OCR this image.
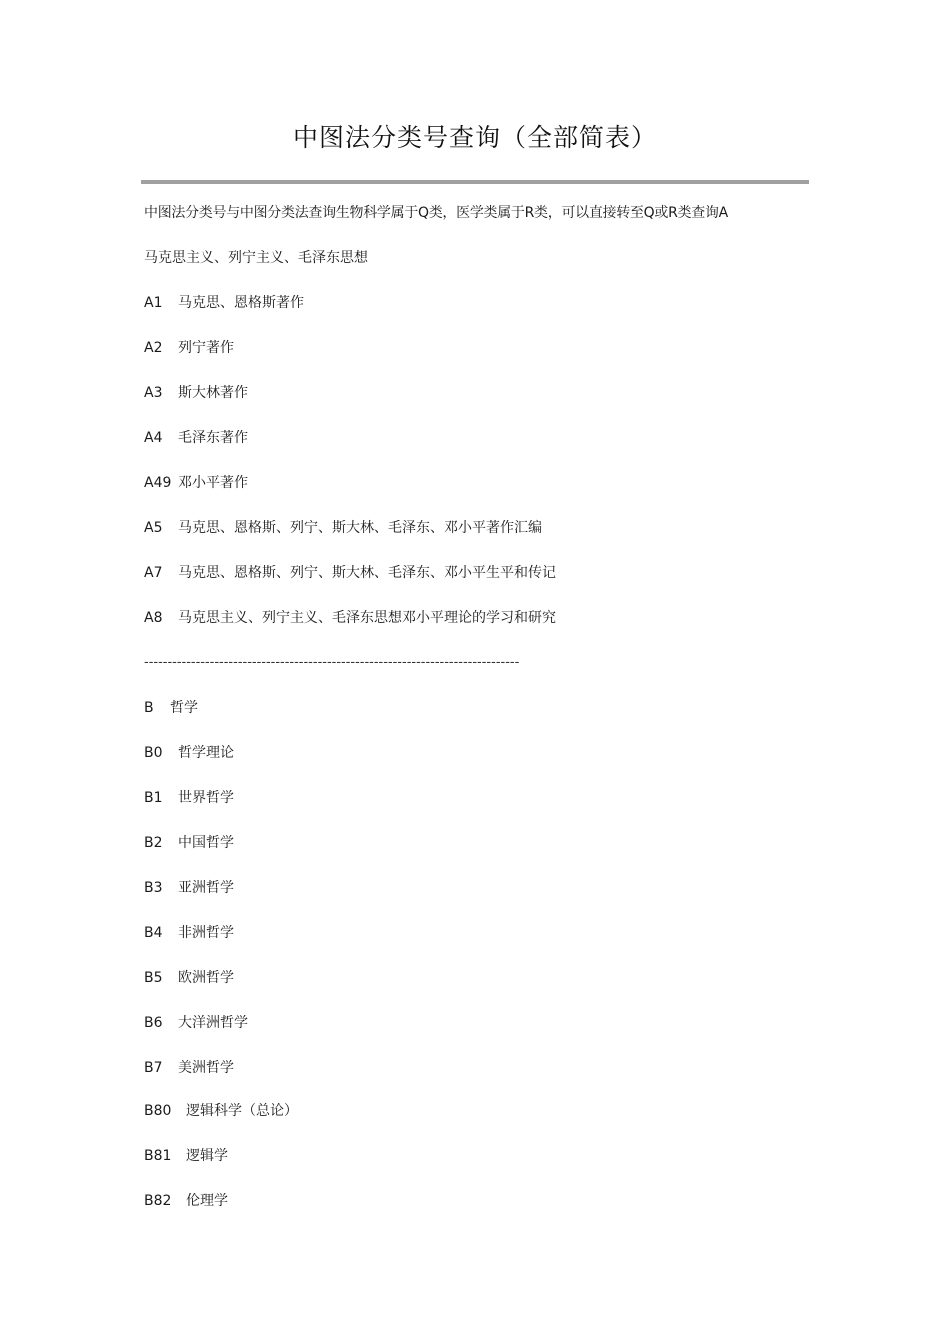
中图法分类号查询（全部简表）
中图法分类号与中图分类法查询生物科学属于Q类，医学类属于R类，可以直接转至Q或R类查询A
马克思主义、列宁主义、毛泽东思想
A1 马克思、恩格斯著作
A2 列宁著作
A3 斯大林著作
A4 毛泽东著作
A49 邓小平著作
A5 马克思、恩格斯、列宁、斯大林、毛泽东、邓小平著作汇编
A7 马克思、恩格斯、列宁、斯大林、毛泽东、邓小平生平和传记
A8 马克思主义、列宁主义、毛泽东思想邓小平理论的学习和研究
--------------------------------------------------------------------------------
B 哲学
B0 哲学理论
B1 世界哲学
B2 中国哲学
B3 亚洲哲学
B4 非洲哲学
B5 欧洲哲学
B6 大洋洲哲学
B7 美洲哲学
B80 逻辑科学（总论）
B81 逻辑学
B82 伦理学
